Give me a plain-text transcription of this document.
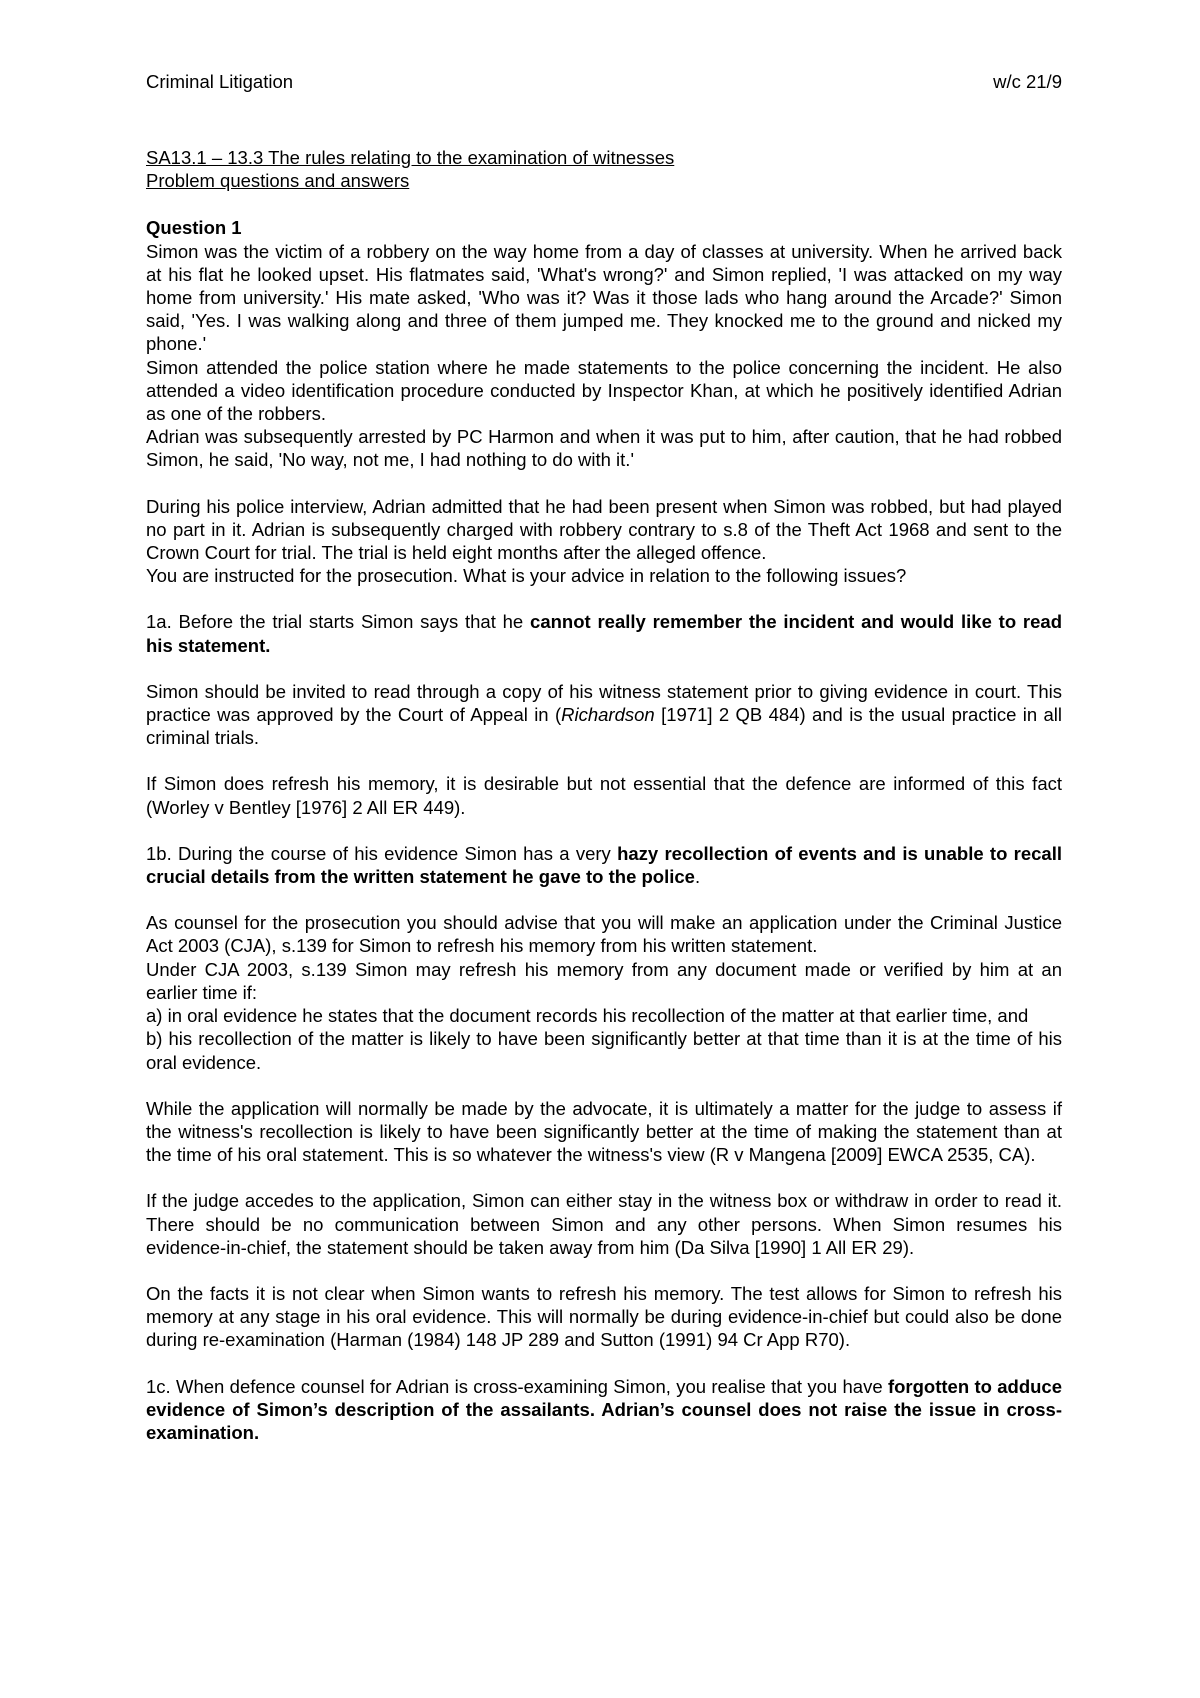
Criminal Litigation	w/c 21/9

SA13.1 – 13.3 The rules relating to the examination of witnesses

Problem questions and answers

Question 1

Simon was the victim of a robbery on the way home from a day of classes at university. When he arrived back at his flat he looked upset. His flatmates said, 'What's wrong?' and Simon replied, 'I was attacked on my way home from university.' His mate asked, 'Who was it? Was it those lads who hang around the Arcade?' Simon said, 'Yes. I was walking along and three of them jumped me. They knocked me to the ground and nicked my phone.'

Simon attended the police station where he made statements to the police concerning the incident. He also attended a video identification procedure conducted by Inspector Khan, at which he positively identified Adrian as one of the robbers.

Adrian was subsequently arrested by PC Harmon and when it was put to him, after caution, that he had robbed Simon, he said, 'No way, not me, I had nothing to do with it.'

During his police interview, Adrian admitted that he had been present when Simon was robbed, but had played no part in it. Adrian is subsequently charged with robbery contrary to s.8 of the Theft Act 1968 and sent to the Crown Court for trial. The trial is held eight months after the alleged offence.

You are instructed for the prosecution. What is your advice in relation to the following issues?

1a. Before the trial starts Simon says that he cannot really remember the incident and would like to read his statement.

Simon should be invited to read through a copy of his witness statement prior to giving evidence in court. This practice was approved by the Court of Appeal in (Richardson [1971] 2 QB 484) and is the usual practice in all criminal trials.

If Simon does refresh his memory, it is desirable but not essential that the defence are informed of this fact (Worley v Bentley [1976] 2 All ER 449).

1b. During the course of his evidence Simon has a very hazy recollection of events and is unable to recall crucial details from the written statement he gave to the police.

As counsel for the prosecution you should advise that you will make an application under the Criminal Justice Act 2003 (CJA), s.139 for Simon to refresh his memory from his written statement.

Under CJA 2003, s.139 Simon may refresh his memory from any document made or verified by him at an earlier time if:

a) in oral evidence he states that the document records his recollection of the matter at that earlier time, and

b) his recollection of the matter is likely to have been significantly better at that time than it is at the time of his oral evidence.

While the application will normally be made by the advocate, it is ultimately a matter for the judge to assess if the witness's recollection is likely to have been significantly better at the time of making the statement than at the time of his oral statement. This is so whatever the witness's view (R v Mangena [2009] EWCA 2535, CA).

If the judge accedes to the application, Simon can either stay in the witness box or withdraw in order to read it. There should be no communication between Simon and any other persons. When Simon resumes his evidence-in-chief, the statement should be taken away from him (Da Silva [1990] 1 All ER 29).

On the facts it is not clear when Simon wants to refresh his memory. The test allows for Simon to refresh his memory at any stage in his oral evidence. This will normally be during evidence-in-chief but could also be done during re-examination (Harman (1984) 148 JP 289 and Sutton (1991) 94 Cr App R70).

1c. When defence counsel for Adrian is cross-examining Simon, you realise that you have forgotten to adduce evidence of Simon’s description of the assailants. Adrian’s counsel does not raise the issue in cross-examination.
